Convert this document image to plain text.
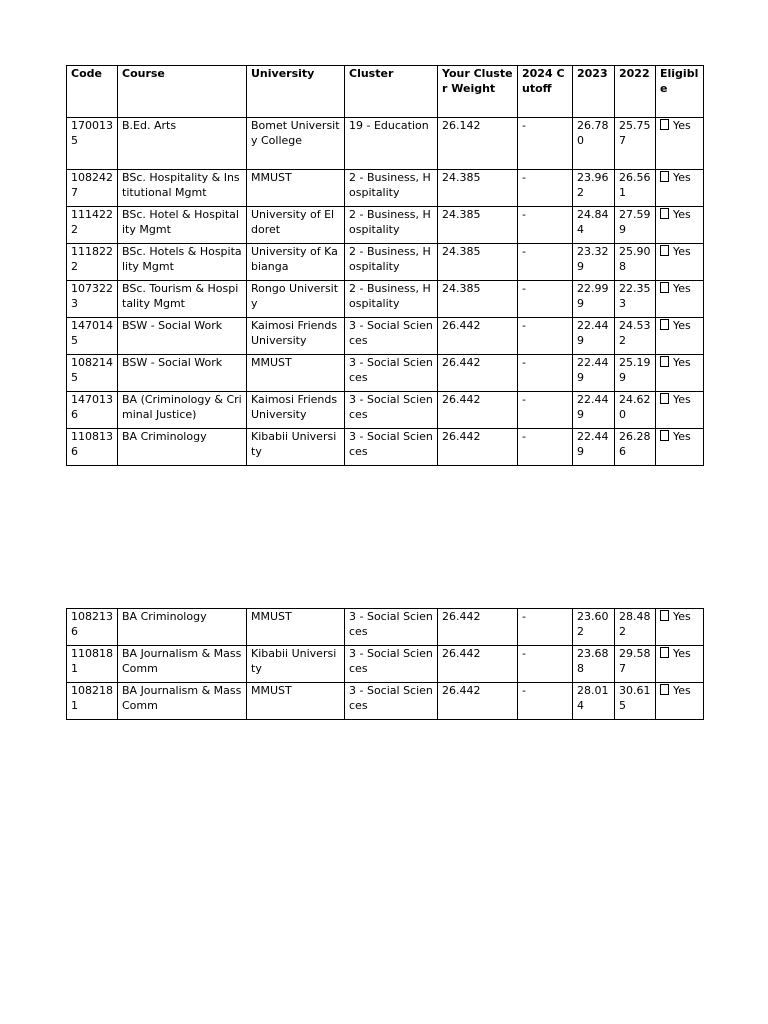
Code	Course	University	Cluster	Your Cluster Weight	2024 Cutoff	2023	2022	Eligible
1700135	B.Ed. Arts	Bomet University College	19 - Education	26.142	-	26.780	25.757	Yes
1082427	BSc. Hospitality & Institutional Mgmt	MMUST	2 - Business, Hospitality	24.385	-	23.962	26.561	Yes
1114222	BSc. Hotel & Hospitality Mgmt	University of Eldoret	2 - Business, Hospitality	24.385	-	24.844	27.599	Yes
1118222	BSc. Hotels & Hospitality Mgmt	University of Kabianga	2 - Business, Hospitality	24.385	-	23.329	25.908	Yes
1073223	BSc. Tourism & Hospitality Mgmt	Rongo University	2 - Business, Hospitality	24.385	-	22.999	22.353	Yes
1470145	BSW - Social Work	Kaimosi Friends University	3 - Social Sciences	26.442	-	22.449	24.532	Yes
1082145	BSW - Social Work	MMUST	3 - Social Sciences	26.442	-	22.449	25.199	Yes
1470136	BA (Criminology & Criminal Justice)	Kaimosi Friends University	3 - Social Sciences	26.442	-	22.449	24.620	Yes
1108136	BA Criminology	Kibabii University	3 - Social Sciences	26.442	-	22.449	26.286	Yes
1082136	BA Criminology	MMUST	3 - Social Sciences	26.442	-	23.602	28.482	Yes
1108181	BA Journalism & Mass Comm	Kibabii University	3 - Social Sciences	26.442	-	23.688	29.587	Yes
1082181	BA Journalism & Mass Comm	MMUST	3 - Social Sciences	26.442	-	28.014	30.615	Yes
